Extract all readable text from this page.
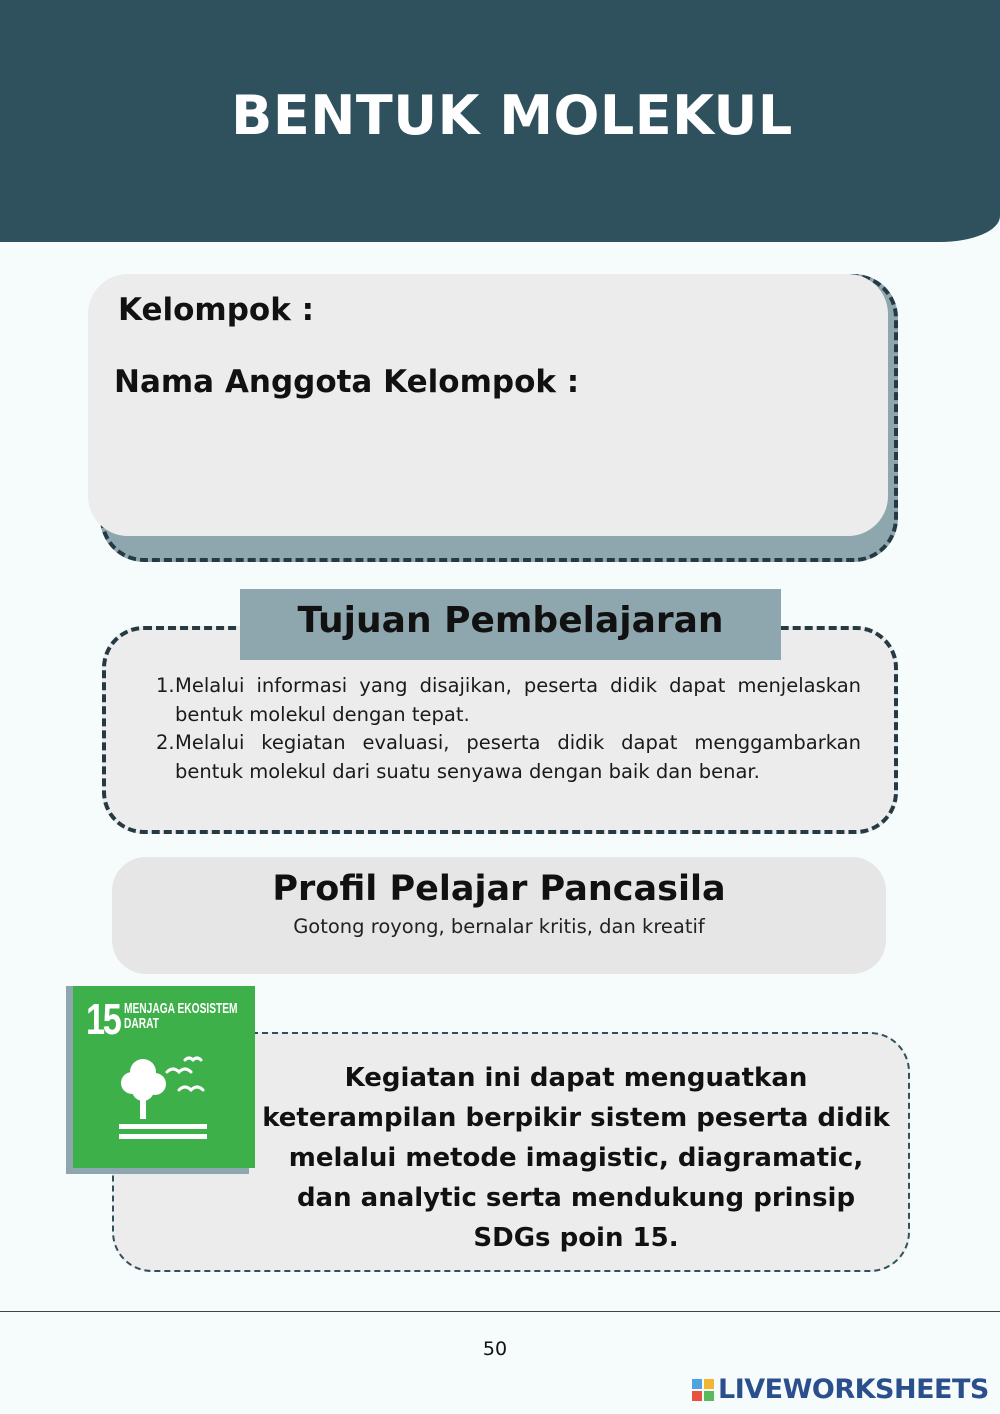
BENTUK MOLEKUL
Kelompok :
Nama Anggota Kelompok :
Tujuan Pembelajaran
1. Melalui informasi yang disajikan, peserta didik dapat menjelaskan bentuk molekul dengan tepat.
2. Melalui kegiatan evaluasi, peserta didik dapat menggambarkan bentuk molekul dari suatu senyawa dengan baik dan benar.
Profil Pelajar Pancasila
Gotong royong, bernalar kritis, dan kreatif
Kegiatan ini dapat menguatkan keterampilan berpikir sistem peserta didik melalui metode imagistic, diagramatic, dan analytic serta mendukung prinsip SDGs poin 15.
15 MENJAGA EKOSISTEM
DARAT
50
LIVEWORKSHEETS
